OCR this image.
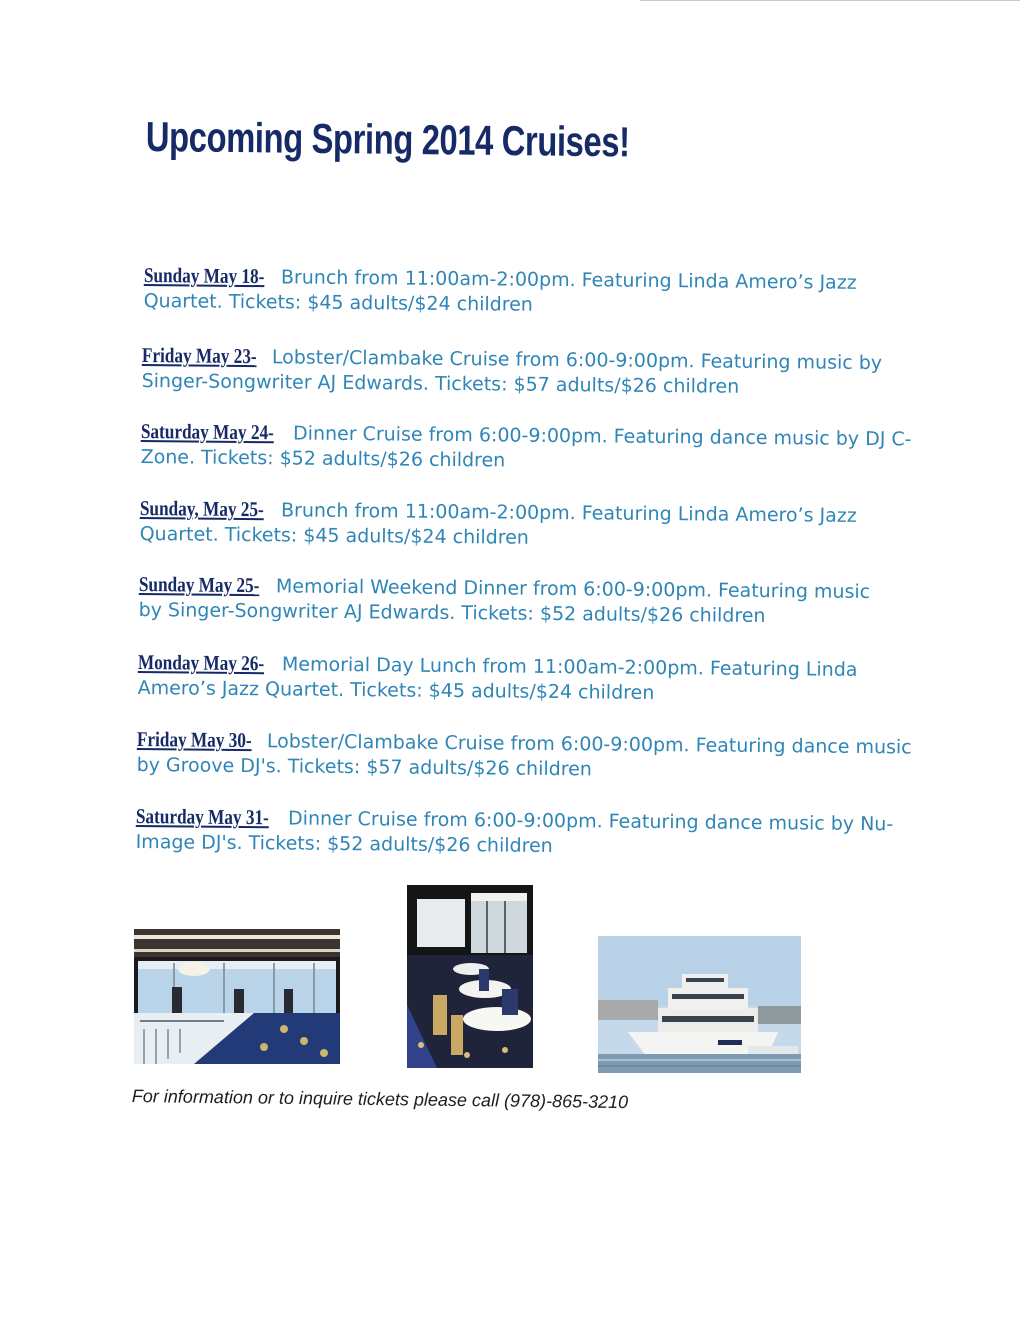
Upcoming Spring 2014 Cruises!

Sunday May 18- Brunch from 11:00am-2:00pm. Featuring Linda Amero’s Jazz Quartet. Tickets: $45 adults/$24 children

Friday May 23- Lobster/Clambake Cruise from 6:00-9:00pm. Featuring music by Singer-Songwriter AJ Edwards. Tickets: $57 adults/$26 children

Saturday May 24- Dinner Cruise from 6:00-9:00pm. Featuring dance music by DJ C-Zone. Tickets: $52 adults/$26 children

Sunday, May 25- Brunch from 11:00am-2:00pm. Featuring Linda Amero’s Jazz Quartet. Tickets: $45 adults/$24 children

Sunday May 25- Memorial Weekend Dinner from 6:00-9:00pm. Featuring music by Singer-Songwriter AJ Edwards. Tickets: $52 adults/$26 children

Monday May 26- Memorial Day Lunch from 11:00am-2:00pm. Featuring Linda Amero’s Jazz Quartet. Tickets: $45 adults/$24 children

Friday May 30- Lobster/Clambake Cruise from 6:00-9:00pm. Featuring dance music by Groove DJ's. Tickets: $57 adults/$26 children

Saturday May 31- Dinner Cruise from 6:00-9:00pm. Featuring dance music by Nu-Image DJ's. Tickets: $52 adults/$26 children

For information or to inquire tickets please call (978)-865-3210
